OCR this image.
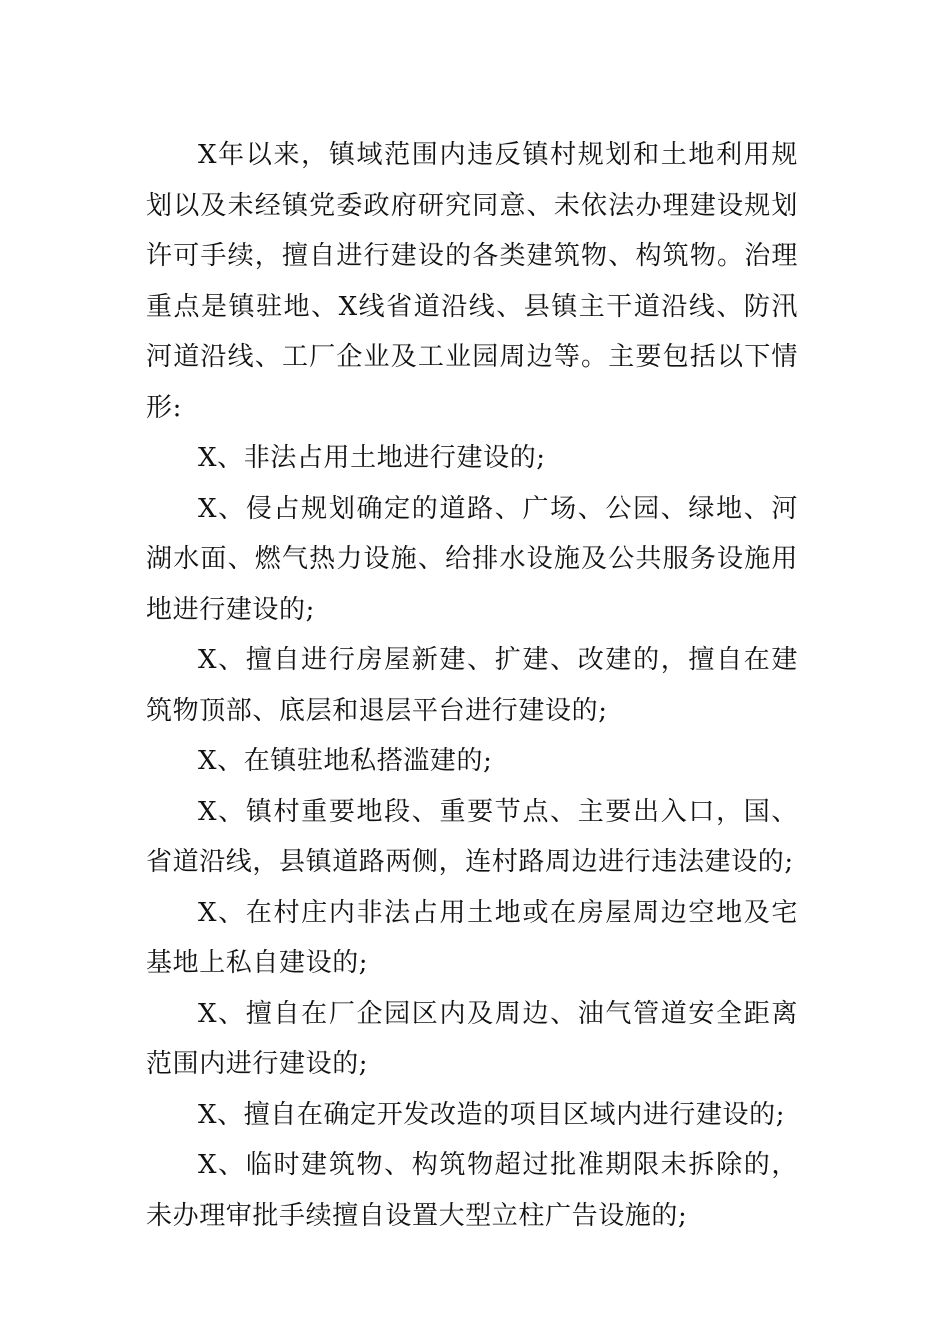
X年以来，镇域范围内违反镇村规划和土地利用规划以及未经镇党委政府研究同意、未依法办理建设规划许可手续，擅自进行建设的各类建筑物、构筑物。治理重点是镇驻地、X线省道沿线、县镇主干道沿线、防汛河道沿线、工厂企业及工业园周边等。主要包括以下情形:

X、非法占用土地进行建设的;

X、侵占规划确定的道路、广场、公园、绿地、河湖水面、燃气热力设施、给排水设施及公共服务设施用地进行建设的;

X、擅自进行房屋新建、扩建、改建的，擅自在建筑物顶部、底层和退层平台进行建设的;

X、在镇驻地私搭滥建的;

X、镇村重要地段、重要节点、主要出入口，国、省道沿线，县镇道路两侧，连村路周边进行违法建设的;

X、在村庄内非法占用土地或在房屋周边空地及宅基地上私自建设的;

X、擅自在厂企园区内及周边、油气管道安全距离范围内进行建设的;

X、擅自在确定开发改造的项目区域内进行建设的;

X、临时建筑物、构筑物超过批准期限未拆除的，未办理审批手续擅自设置大型立柱广告设施的;
